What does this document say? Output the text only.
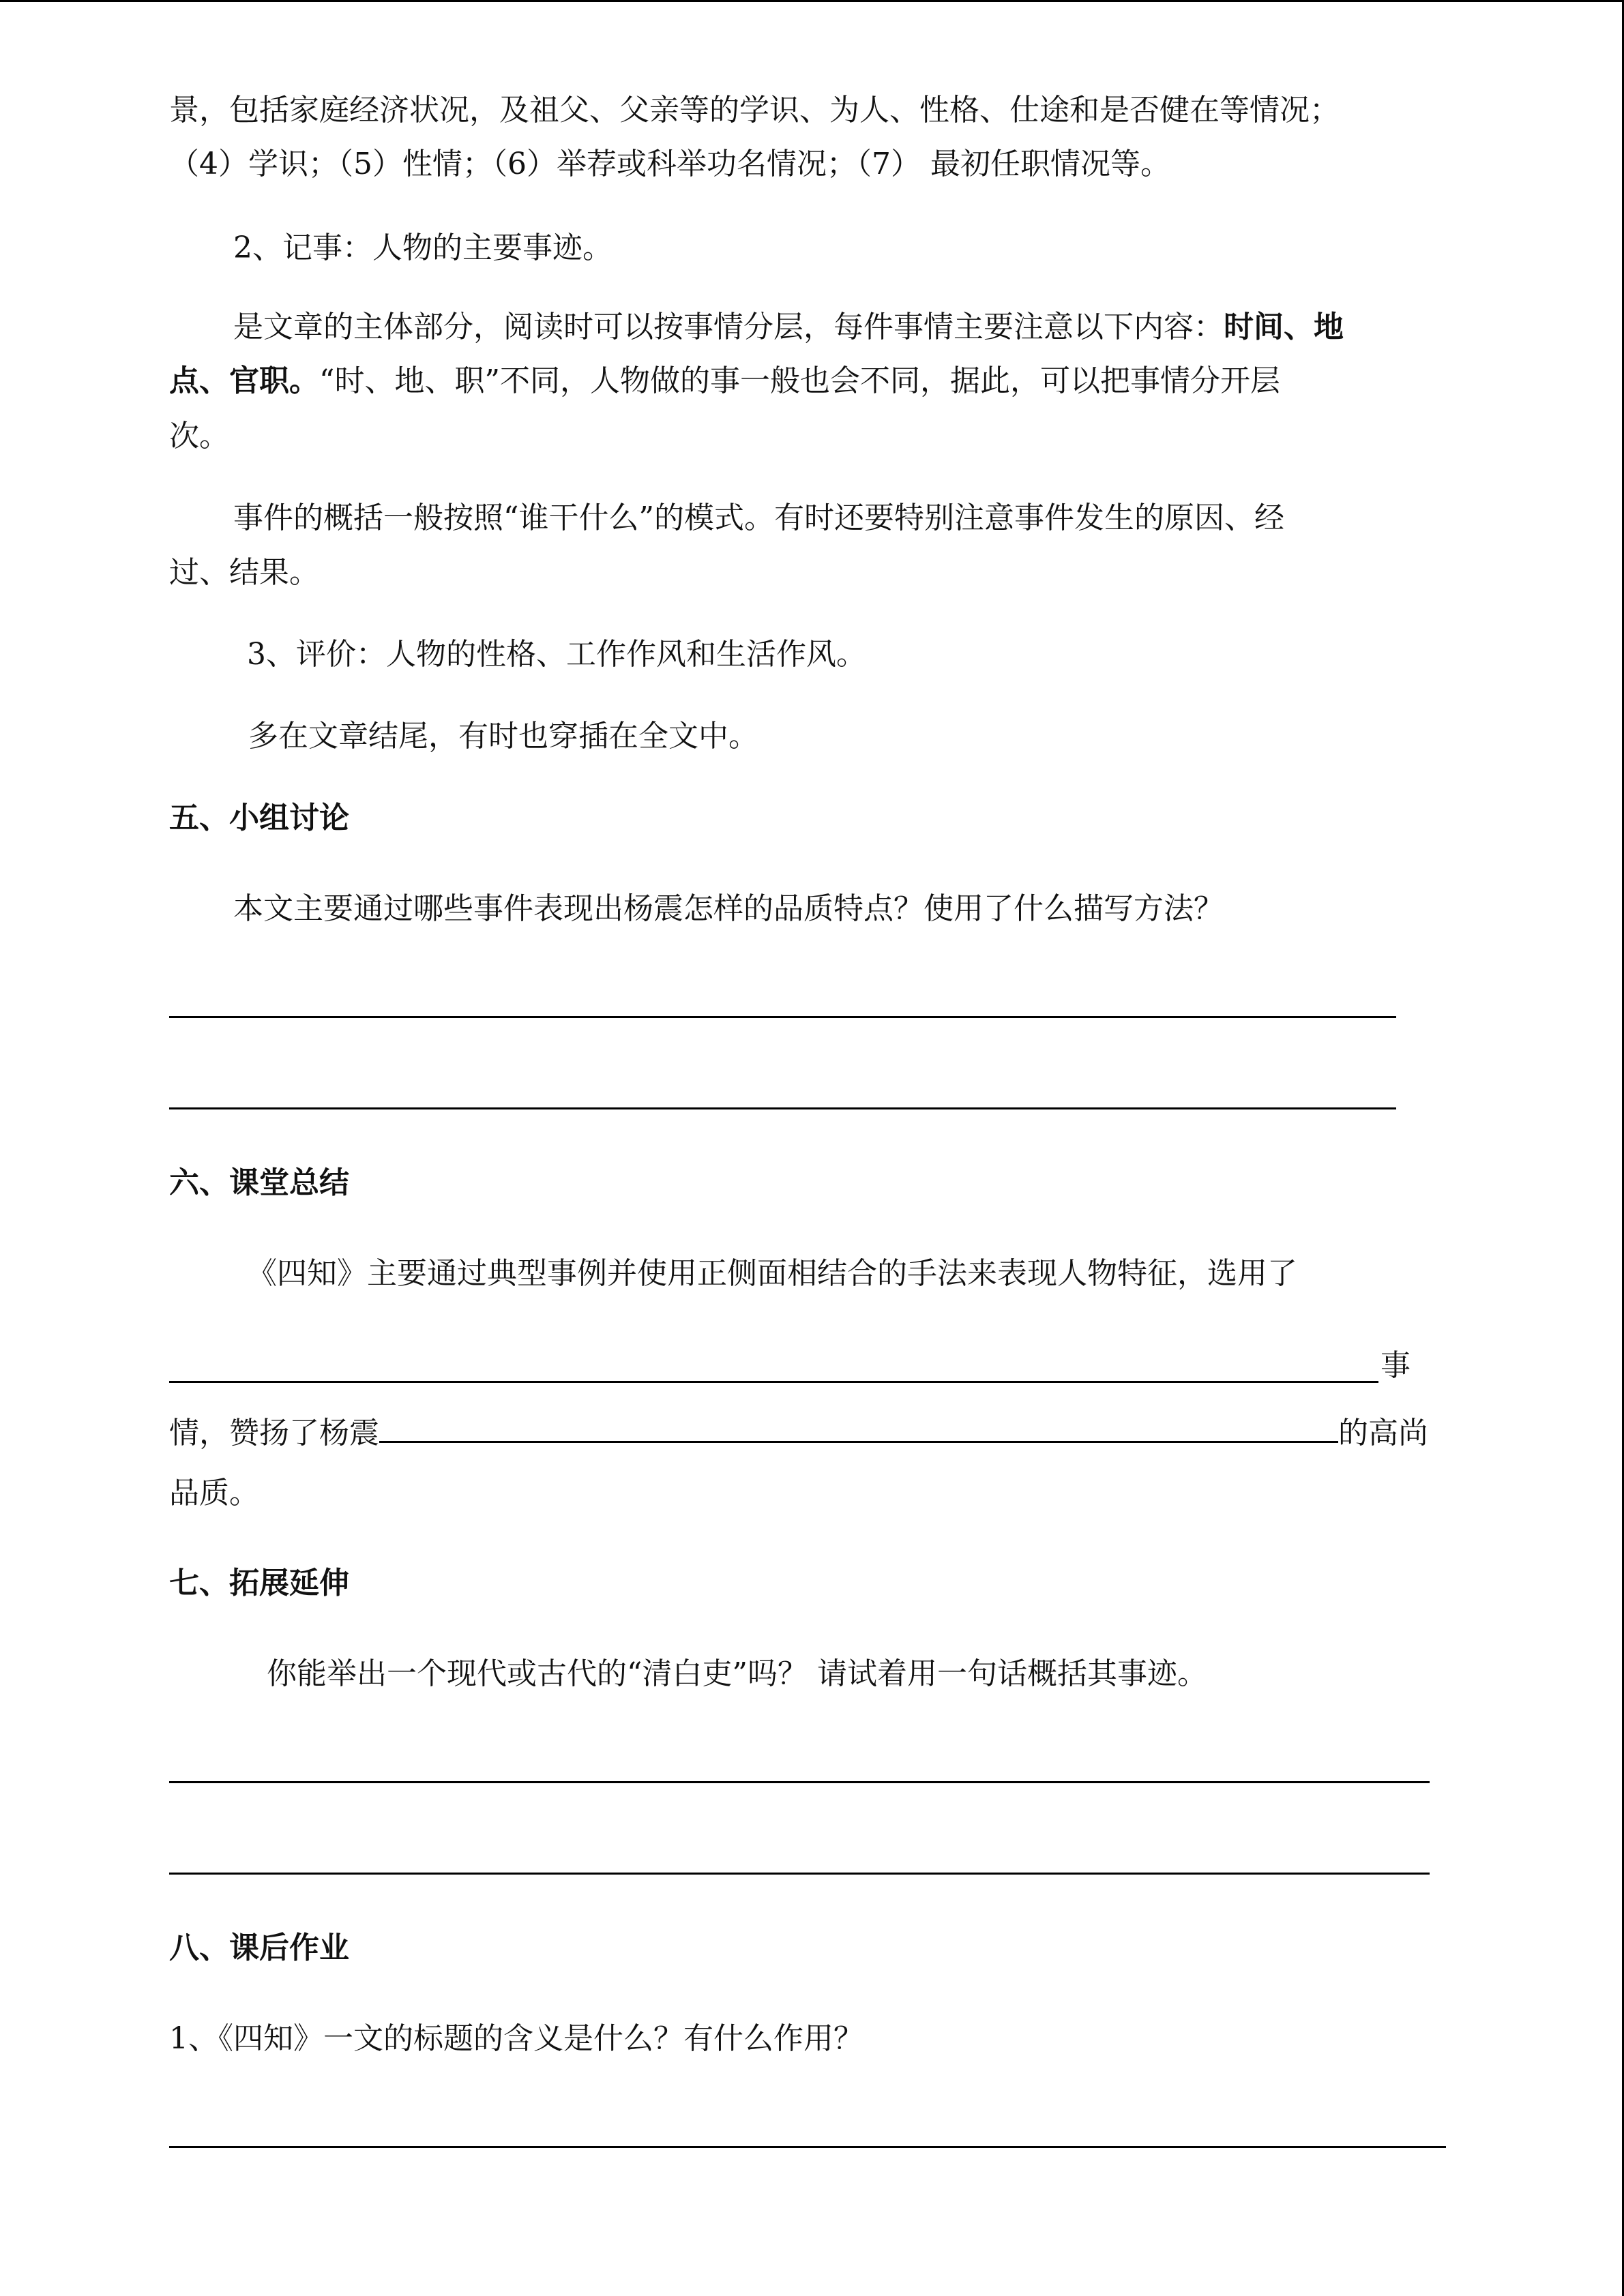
景，包括家庭经济状况，及祖父、父亲等的学识、为人、性格、仕途和是否健在等情况；
（4）学识；（5）性情；（6）举荐或科举功名情况；（7） 最初任职情况等。
2、记事：人物的主要事迹。
是文章的主体部分，阅读时可以按事情分层，每件事情主要注意以下内容：时间、地
点、官职。“时、地、职”不同，人物做的事一般也会不同，据此，可以把事情分开层
次。
事件的概括一般按照“谁干什么”的模式。有时还要特别注意事件发生的原因、经
过、结果。
3、评价：人物的性格、工作作风和生活作风。
多在文章结尾，有时也穿插在全文中。
五、小组讨论
本文主要通过哪些事件表现出杨震怎样的品质特点？使用了什么描写方法？
六、课堂总结
《四知》主要通过典型事例并使用正侧面相结合的手法来表现人物特征，选用了
事
情，赞扬了杨震	的高尚
品质。
七、拓展延伸
你能举出一个现代或古代的“清白吏”吗？ 请试着用一句话概括其事迹。
八、课后作业
1、《四知》一文的标题的含义是什么？有什么作用？
